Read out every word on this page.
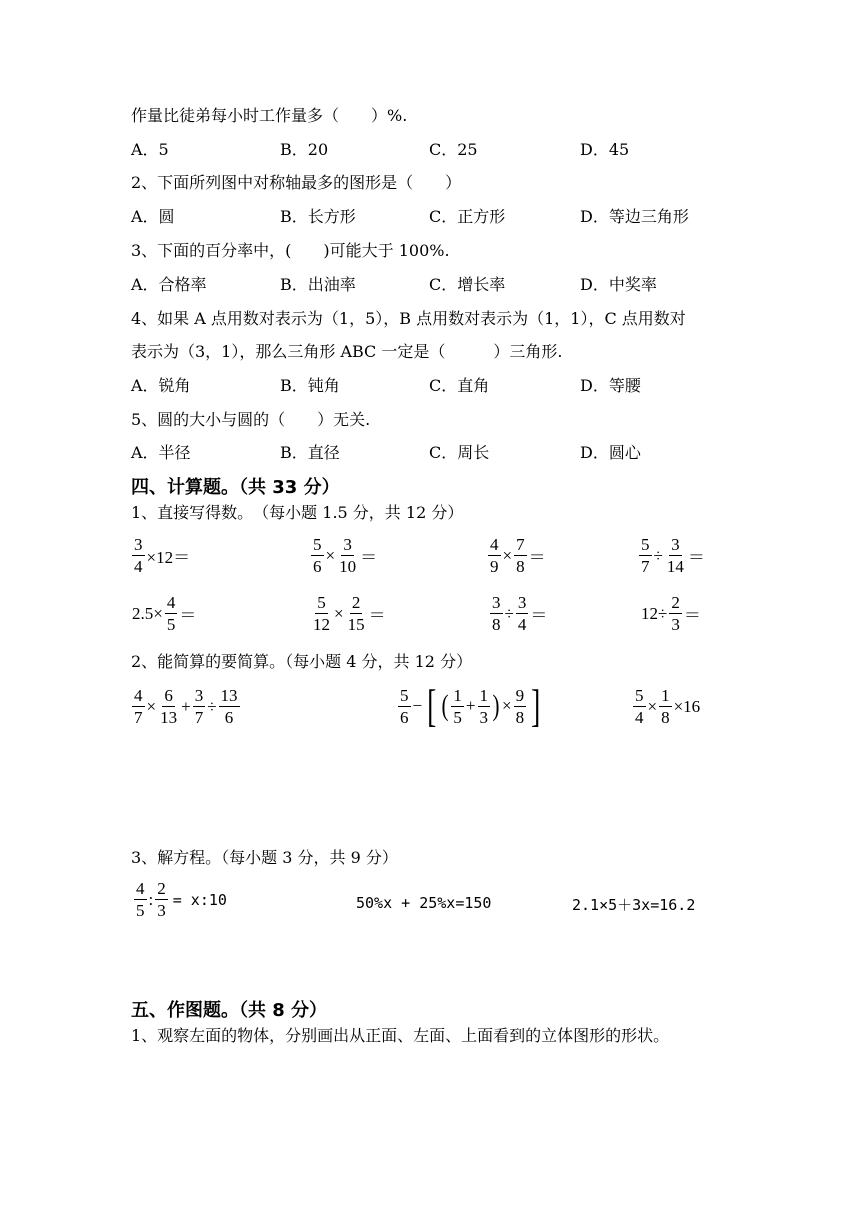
作量比徒弟每小时工作量多（　　）%.
A．5	B．20	C．25	D．45
2、下面所列图中对称轴最多的图形是（　　）
A．圆	B．长方形	C．正方形	D．等边三角形
3、下面的百分率中，(　　)可能大于 100%.
A．合格率	B．出油率	C．增长率	D．中奖率
4、如果 A 点用数对表示为（1，5），B 点用数对表示为（1，1），C 点用数对
表示为（3，1），那么三角形 ABC 一定是（　　　）三角形.
A．锐角	B．钝角	C．直角	D．等腰
5、圆的大小与圆的（　　）无关.
A．半径	B．直径	C．周长	D．圆心
四、计算题。（共 33 分）
1、直接写得数。　（每小题 1.5 分，共 12 分）
$\frac{3}{4} \times 12=$	$\frac{5}{6} \times \frac{3}{10}$ ＝	$\frac{4}{9} \times \frac{7}{8}$ ＝	$\frac{5}{7} \div \frac{3}{14}$ ＝
$2.5\times \frac{4}{5}$ ＝	$\frac{5}{12} \times \frac{2}{15}$ ＝	$\frac{3}{8} \div \frac{3}{4}$ ＝	$12\div \frac{2}{3}$ ＝
2、能简算的要简算。（每小题 4 分，共 12 分）
$\frac{4}{7} \times \frac{6}{13} + \frac{3}{7} \div \frac{13}{6}$	$\frac{5}{6}$ − [ ( $\frac{1}{5} + \frac{1}{3}$ ) × $\frac{9}{8}$ ]	$\frac{5}{4} \times \frac{1}{8} \times 16$
3、解方程。（每小题 3 分，共 9 分）
$\frac{4}{5}$ : $\frac{2}{3}$ = x:10	50%x + 25%x=150	2.1×5＋3x=16.2
五、作图题。（共 8 分）
1、观察左面的物体，分别画出从正面、左面、上面看到的立体图形的形状。
